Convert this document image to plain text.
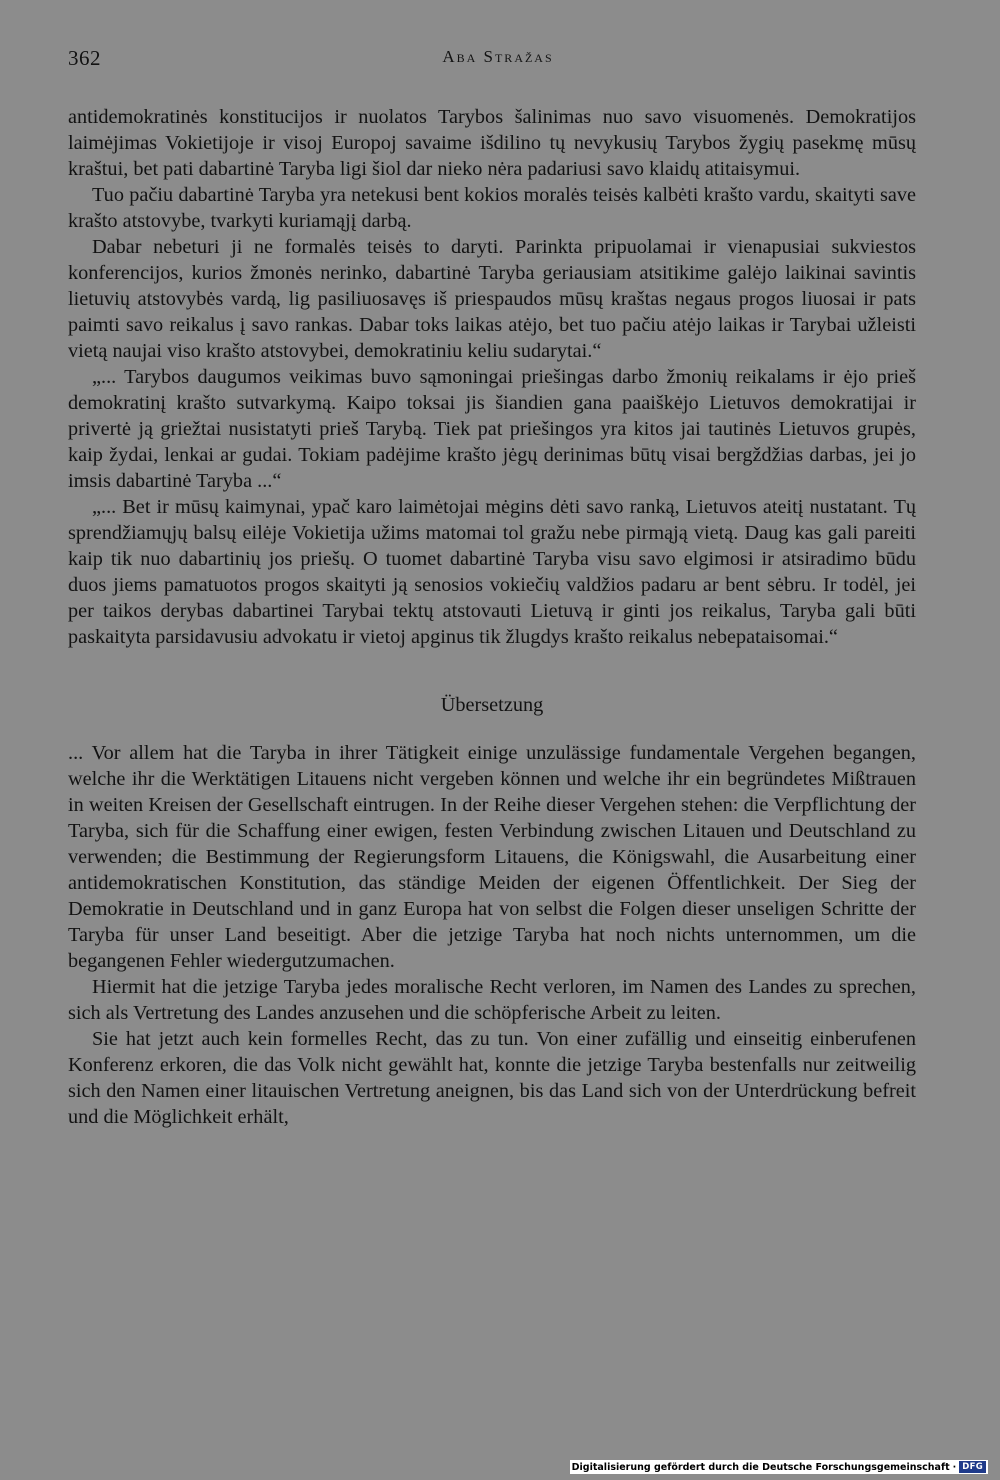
362	Aba Stražas

antidemokratinės konstitucijos ir nuolatos Tarybos šalinimas nuo savo visuomenės. Demokratijos laimėjimas Vokietijoje ir visoj Europoj savaime išdilino tų nevykusių Tarybos žygių pasekmę mūsų kraštui, bet pati dabartinė Taryba ligi šiol dar nieko nėra padariusi savo klaidų atitaisymui.

Tuo pačiu dabartinė Taryba yra netekusi bent kokios moralės teisės kalbėti krašto vardu, skaityti save krašto atstovybe, tvarkyti kuriamąjį darbą.

Dabar nebeturi ji ne formalės teisės to daryti. Parinkta pripuolamai ir vienapusiai sukviestos konferencijos, kurios žmonės nerinko, dabartinė Taryba geriausiam atsitikime galėjo laikinai savintis lietuvių atstovybės vardą, lig pasiliuosavęs iš priespaudos mūsų kraštas negaus progos liuosai ir pats paimti savo reikalus į savo rankas. Dabar toks laikas atėjo, bet tuo pačiu atėjo laikas ir Tarybai užleisti vietą naujai viso krašto atstovybei, demokratiniu keliu sudarytai.“

„... Tarybos daugumos veikimas buvo sąmoningai priešingas darbo žmonių reikalams ir ėjo prieš demokratinį krašto sutvarkymą. Kaipo toksai jis šiandien gana paaiškėjo Lietuvos demokratijai ir privertė ją griežtai nusistatyti prieš Tarybą. Tiek pat priešingos yra kitos jai tautinės Lietuvos grupės, kaip žydai, lenkai ar gudai. Tokiam padėjime krašto jėgų derinimas būtų visai bergždžias darbas, jei jo imsis dabartinė Taryba ...“

„... Bet ir mūsų kaimynai, ypač karo laimėtojai mėgins dėti savo ranką, Lietuvos ateitį nustatant. Tų sprendžiamųjų balsų eilėje Vokietija užims matomai tol gražu nebe pirmąją vietą. Daug kas gali pareiti kaip tik nuo dabartinių jos priešų. O tuomet dabartinė Taryba visu savo elgimosi ir atsiradimo būdu duos jiems pamatuotos progos skaityti ją senosios vokiečių valdžios padaru ar bent sėbru. Ir todėl, jei per taikos derybas dabartinei Tarybai tektų atstovauti Lietuvą ir ginti jos reikalus, Taryba gali būti paskaityta parsidavusiu advokatu ir vietoj apginus tik žlugdys krašto reikalus nebepataisomai.“

Übersetzung

... Vor allem hat die Taryba in ihrer Tätigkeit einige unzulässige fundamentale Vergehen begangen, welche ihr die Werktätigen Litauens nicht vergeben können und welche ihr ein begründetes Mißtrauen in weiten Kreisen der Gesellschaft eintrugen. In der Reihe dieser Vergehen stehen: die Verpflichtung der Taryba, sich für die Schaffung einer ewigen, festen Verbindung zwischen Litauen und Deutschland zu verwenden; die Bestimmung der Regierungsform Litauens, die Königswahl, die Ausarbeitung einer antidemokratischen Konstitution, das ständige Meiden der eigenen Öffentlichkeit. Der Sieg der Demokratie in Deutschland und in ganz Europa hat von selbst die Folgen dieser unseligen Schritte der Taryba für unser Land beseitigt. Aber die jetzige Taryba hat noch nichts unternommen, um die begangenen Fehler wiedergutzumachen.

Hiermit hat die jetzige Taryba jedes moralische Recht verloren, im Namen des Landes zu sprechen, sich als Vertretung des Landes anzusehen und die schöpferische Arbeit zu leiten.

Sie hat jetzt auch kein formelles Recht, das zu tun. Von einer zufällig und einseitig einberufenen Konferenz erkoren, die das Volk nicht gewählt hat, konnte die jetzige Taryba bestenfalls nur zeitweilig sich den Namen einer litauischen Vertretung aneignen, bis das Land sich von der Unterdrückung befreit und die Möglichkeit erhält,

Digitalisierung gefördert durch die Deutsche Forschungsgemeinschaft · DFG
